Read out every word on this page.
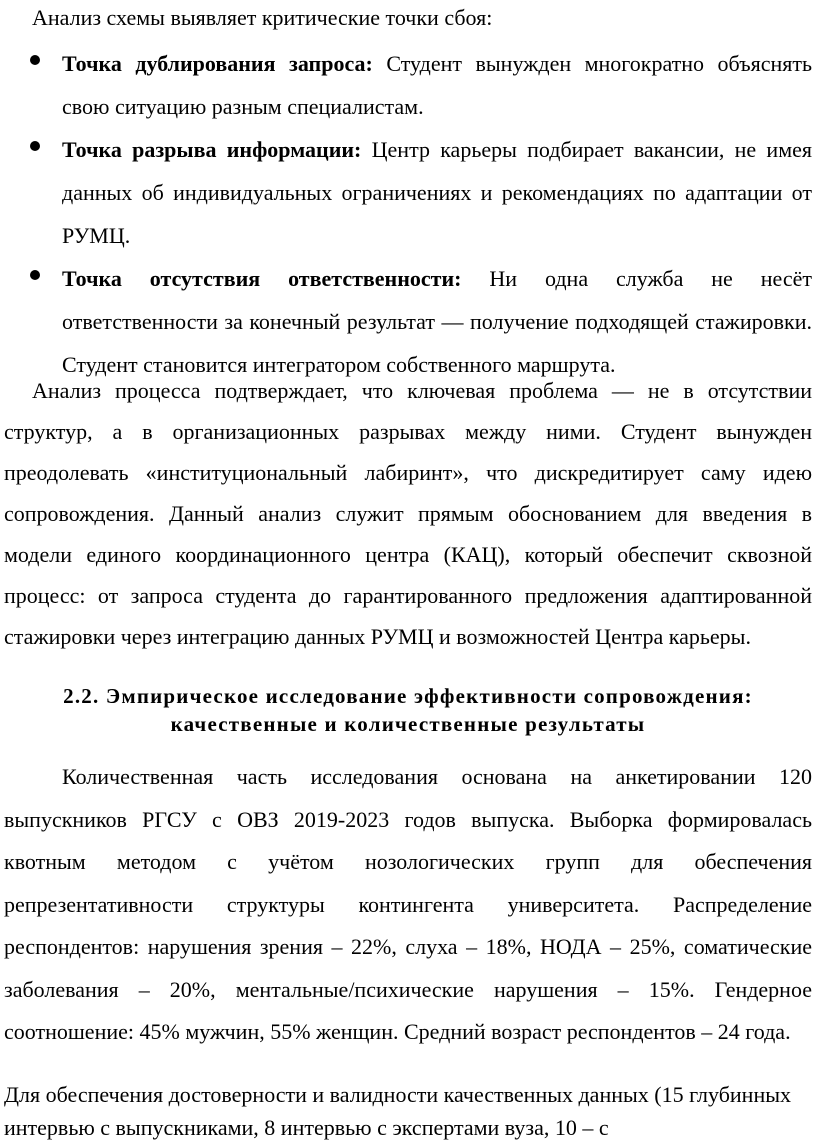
Анализ схемы выявляет критические точки сбоя:

Точка дублирования запроса: Студент вынужден многократно объяснять свою ситуацию разным специалистам.
Точка разрыва информации: Центр карьеры подбирает вакансии, не имея данных об индивидуальных ограничениях и рекомендациях по адаптации от РУМЦ.
Точка отсутствия ответственности: Ни одна служба не несёт ответственности за конечный результат — получение подходящей стажировки. Студент становится интегратором собственного маршрута.

Анализ процесса подтверждает, что ключевая проблема — не в отсутствии структур, а в организационных разрывах между ними. Студент вынужден преодолевать «институциональный лабиринт», что дискредитирует саму идею сопровождения. Данный анализ служит прямым обоснованием для введения в модели единого координационного центра (КАЦ), который обеспечит сквозной процесс: от запроса студента до гарантированного предложения адаптированной стажировки через интеграцию данных РУМЦ и возможностей Центра карьеры.

2.2. Эмпирическое исследование эффективности сопровождения:
качественные и количественные результаты

Количественная часть исследования основана на анкетировании 120 выпускников РГСУ с ОВЗ 2019-2023 годов выпуска. Выборка формировалась квотным методом с учётом нозологических групп для обеспечения репрезентативности структуры контингента университета. Распределение респондентов: нарушения зрения – 22%, слуха – 18%, НОДА – 25%, соматические заболевания – 20%, ментальные/психические нарушения – 15%. Гендерное соотношение: 45% мужчин, 55% женщин. Средний возраст респондентов – 24 года.

Для обеспечения достоверности и валидности качественных данных (15 глубинных интервью с выпускниками, 8 интервью с экспертами вуза, 10 – с
